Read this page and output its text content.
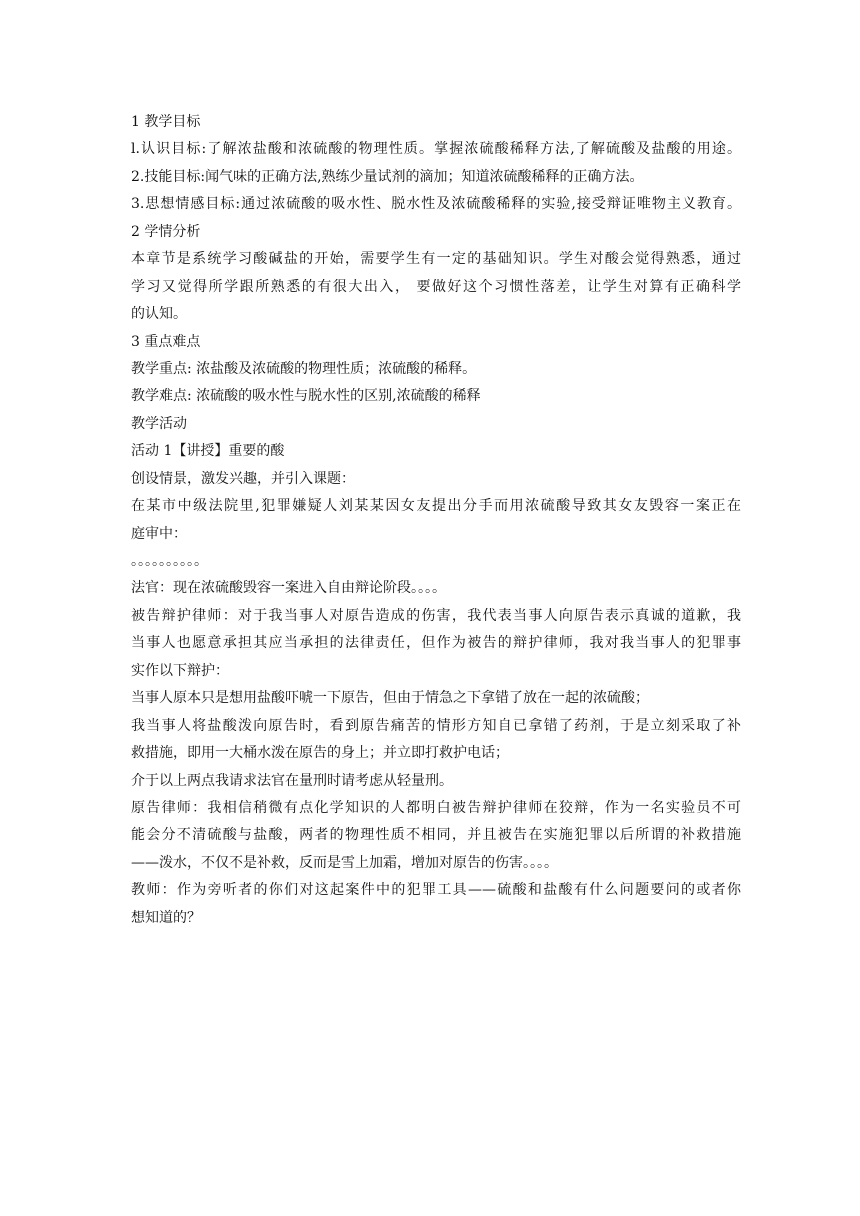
1 教学目标
l.认识目标:了解浓盐酸和浓硫酸的物理性质。掌握浓硫酸稀释方法,了解硫酸及盐酸的用途。
2.技能目标:闻气味的正确方法,熟练少量试剂的滴加；知道浓硫酸稀释的正确方法。
3.思想情感目标:通过浓硫酸的吸水性、脱水性及浓硫酸稀释的实验,接受辩证唯物主义教育。
2 学情分析
本章节是系统学习酸碱盐的开始，需要学生有一定的基础知识。学生对酸会觉得熟悉，通过
学习又觉得所学跟所熟悉的有很大出入， 要做好这个习惯性落差，让学生对算有正确科学
的认知。
3 重点难点
教学重点: 浓盐酸及浓硫酸的物理性质；浓硫酸的稀释。
教学难点: 浓硫酸的吸水性与脱水性的区别,浓硫酸的稀释
教学活动
活动 1【讲授】重要的酸
创设情景，激发兴趣，并引入课题：
在某市中级法院里,犯罪嫌疑人刘某某因女友提出分手而用浓硫酸导致其女友毁容一案正在
庭审中：
。。。。。。。。。。
法官：现在浓硫酸毁容一案进入自由辩论阶段。。。。
被告辩护律师：对于我当事人对原告造成的伤害，我代表当事人向原告表示真诚的道歉，我
当事人也愿意承担其应当承担的法律责任，但作为被告的辩护律师，我对我当事人的犯罪事
实作以下辩护：
当事人原本只是想用盐酸吓唬一下原告，但由于情急之下拿错了放在一起的浓硫酸；
我当事人将盐酸泼向原告时，看到原告痛苦的情形方知自已拿错了药剂，于是立刻采取了补
救措施，即用一大桶水泼在原告的身上；并立即打救护电话；
介于以上两点我请求法官在量刑时请考虑从轻量刑。
原告律师：我相信稍微有点化学知识的人都明白被告辩护律师在狡辩，作为一名实验员不可
能会分不清硫酸与盐酸，两者的物理性质不相同，并且被告在实施犯罪以后所谓的补救措施
——泼水，不仅不是补救，反而是雪上加霜，增加对原告的伤害。。。。
教师：作为旁听者的你们对这起案件中的犯罪工具——硫酸和盐酸有什么问题要问的或者你
想知道的？
